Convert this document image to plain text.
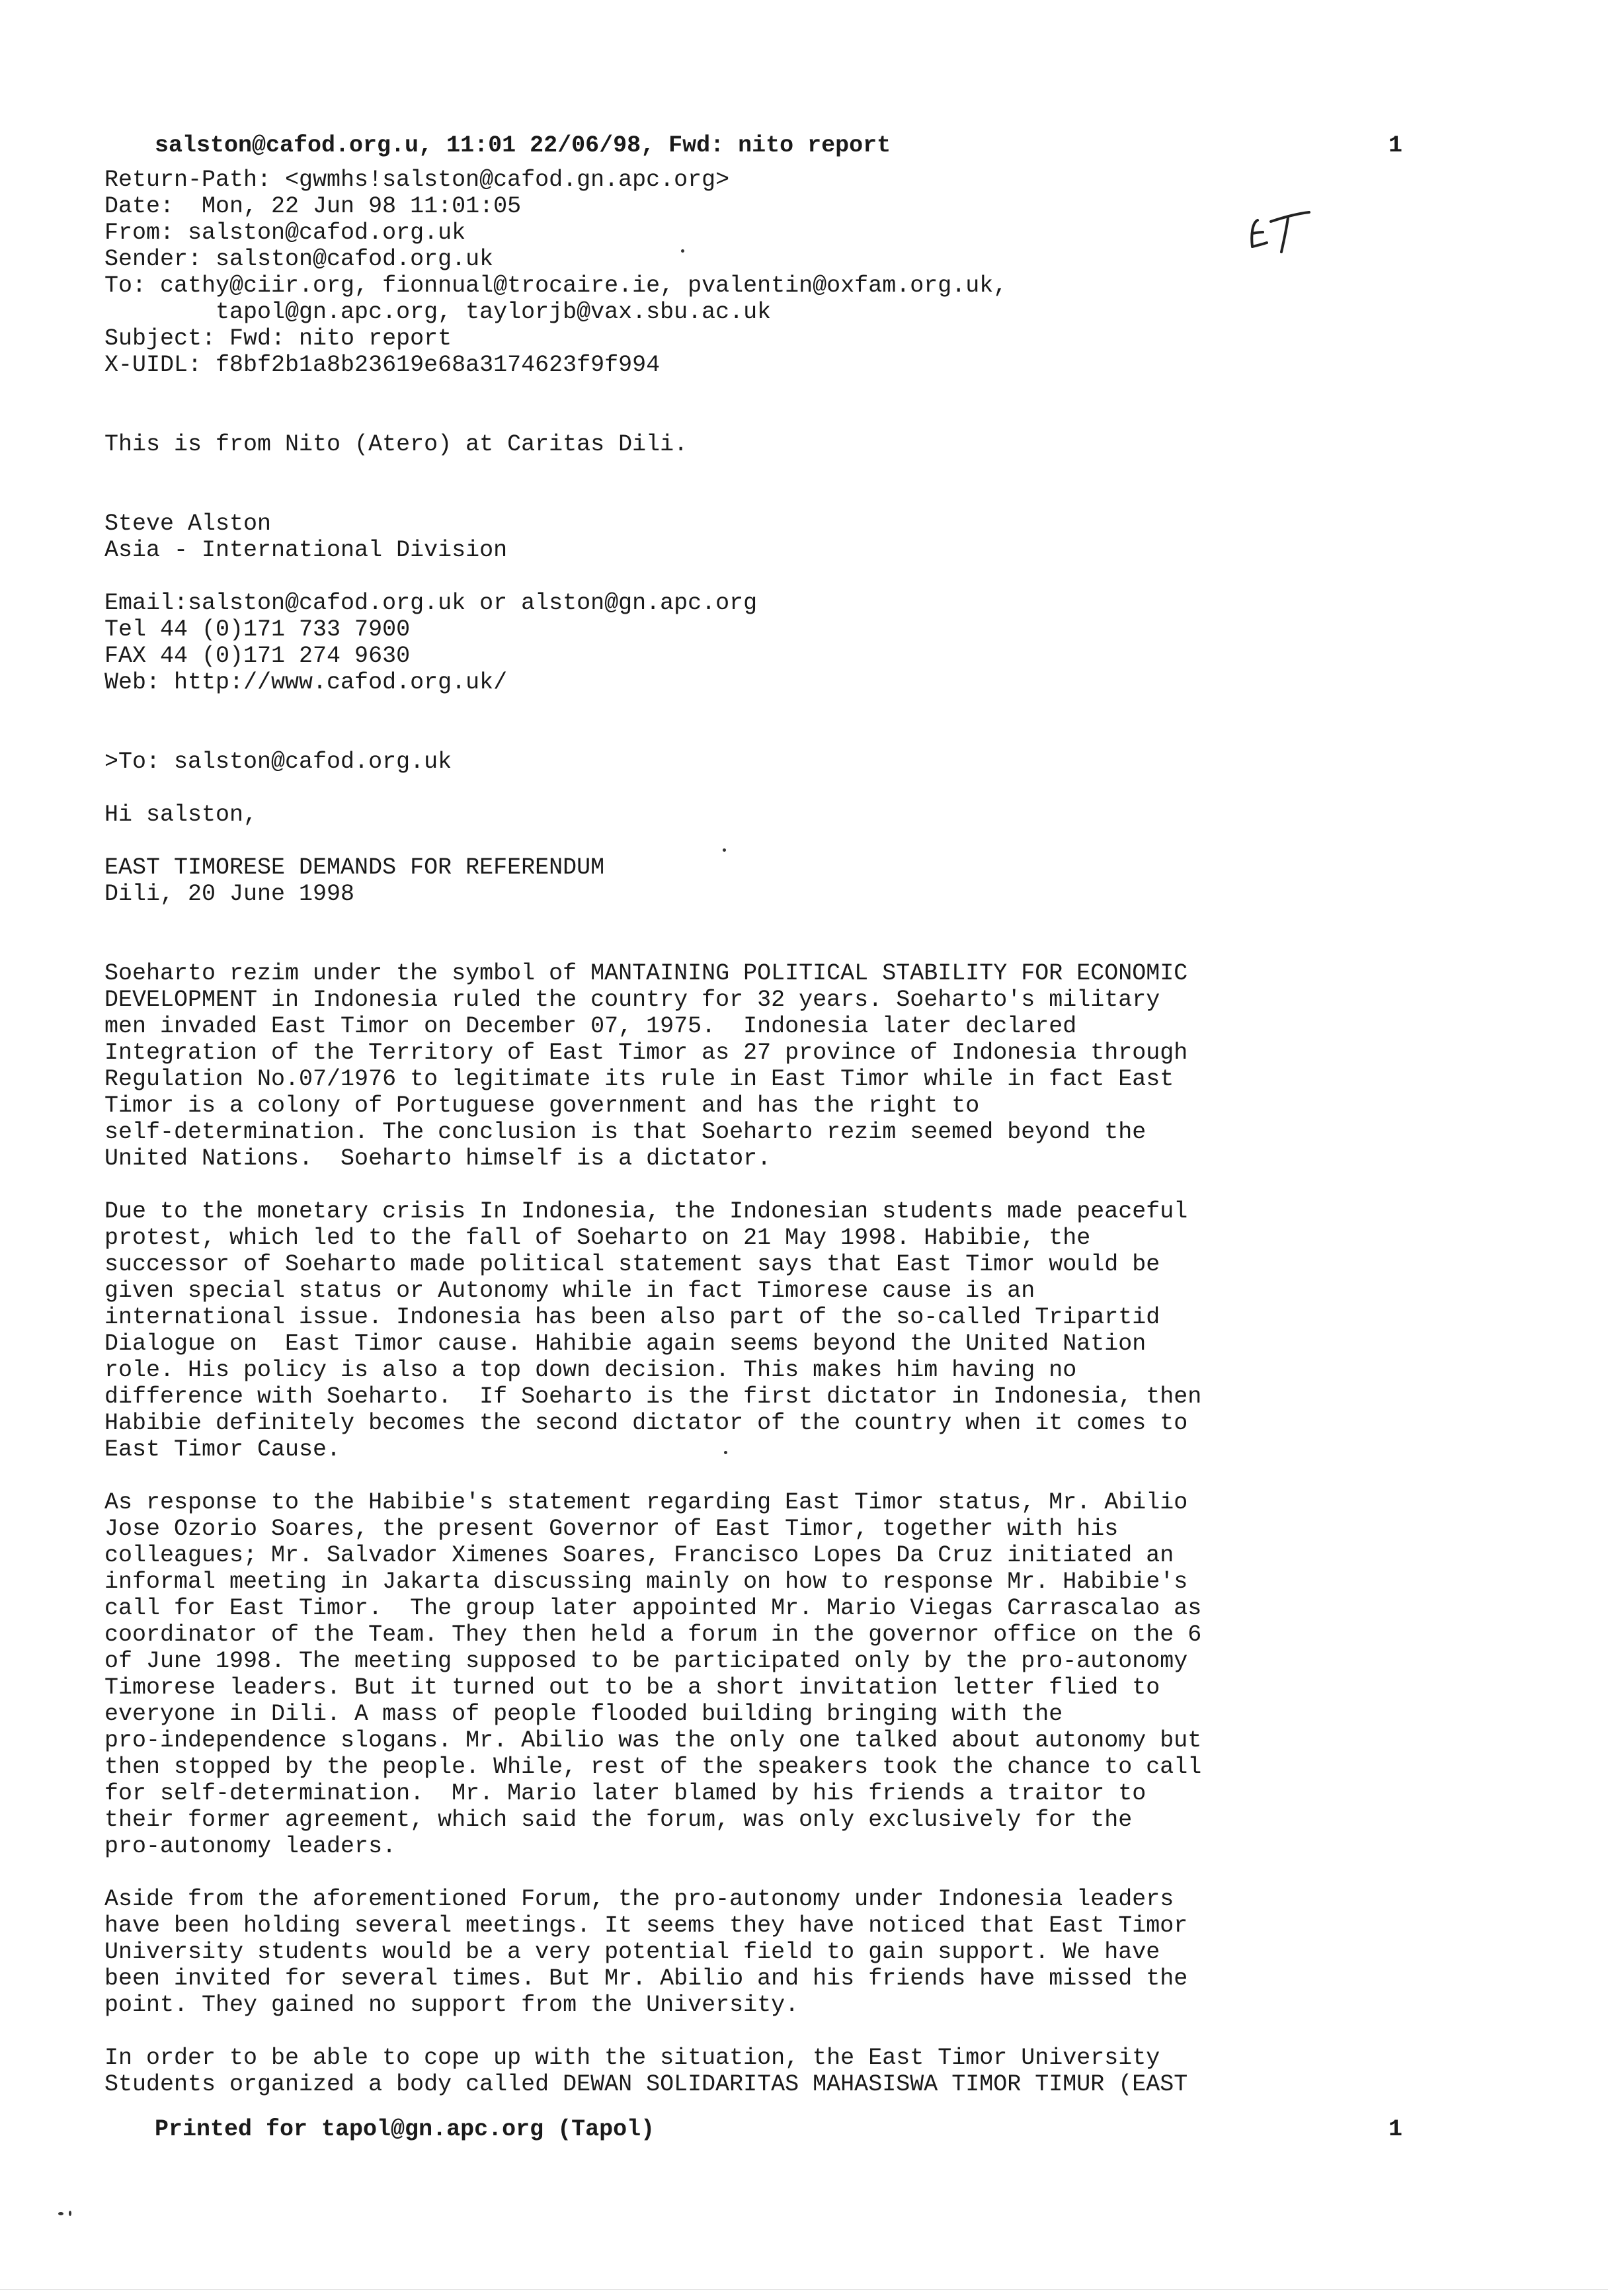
salston@cafod.org.u, 11:01 22/06/98, Fwd: nito report	1
Return-Path: <gwmhs!salston@cafod.gn.apc.org>
Date:  Mon, 22 Jun 98 11:01:05
From: salston@cafod.org.uk
Sender: salston@cafod.org.uk
To: cathy@ciir.org, fionnual@trocaire.ie, pvalentin@oxfam.org.uk,
tapol@gn.apc.org, taylorjb@vax.sbu.ac.uk
Subject: Fwd: nito report
X-UIDL: f8bf2b1a8b23619e68a3174623f9f994
This is from Nito (Atero) at Caritas Dili.
Steve Alston
Asia - International Division
Email:salston@cafod.org.uk or alston@gn.apc.org
Tel 44 (0)171 733 7900
FAX 44 (0)171 274 9630
Web: http://www.cafod.org.uk/
>To: salston@cafod.org.uk
Hi salston,
EAST TIMORESE DEMANDS FOR REFERENDUM
Dili, 20 June 1998
Soeharto rezim under the symbol of MANTAINING POLITICAL STABILITY FOR ECONOMIC
DEVELOPMENT in Indonesia ruled the country for 32 years. Soeharto's military
men invaded East Timor on December 07, 1975.  Indonesia later declared
Integration of the Territory of East Timor as 27 province of Indonesia through
Regulation No.07/1976 to legitimate its rule in East Timor while in fact East
Timor is a colony of Portuguese government and has the right to
self-determination. The conclusion is that Soeharto rezim seemed beyond the
United Nations.  Soeharto himself is a dictator.
Due to the monetary crisis In Indonesia, the Indonesian students made peaceful
protest, which led to the fall of Soeharto on 21 May 1998. Habibie, the
successor of Soeharto made political statement says that East Timor would be
given special status or Autonomy while in fact Timorese cause is an
international issue. Indonesia has been also part of the so-called Tripartid
Dialogue on  East Timor cause. Hahibie again seems beyond the United Nation
role. His policy is also a top down decision. This makes him having no
difference with Soeharto.  If Soeharto is the first dictator in Indonesia, then
Habibie definitely becomes the second dictator of the country when it comes to
East Timor Cause.
As response to the Habibie's statement regarding East Timor status, Mr. Abilio
Jose Ozorio Soares, the present Governor of East Timor, together with his
colleagues; Mr. Salvador Ximenes Soares, Francisco Lopes Da Cruz initiated an
informal meeting in Jakarta discussing mainly on how to response Mr. Habibie's
call for East Timor.  The group later appointed Mr. Mario Viegas Carrascalao as
coordinator of the Team. They then held a forum in the governor office on the 6
of June 1998. The meeting supposed to be participated only by the pro-autonomy
Timorese leaders. But it turned out to be a short invitation letter flied to
everyone in Dili. A mass of people flooded building bringing with the
pro-independence slogans. Mr. Abilio was the only one talked about autonomy but
then stopped by the people. While, rest of the speakers took the chance to call
for self-determination.  Mr. Mario later blamed by his friends a traitor to
their former agreement, which said the forum, was only exclusively for the
pro-autonomy leaders.
Aside from the aforementioned Forum, the pro-autonomy under Indonesia leaders
have been holding several meetings. It seems they have noticed that East Timor
University students would be a very potential field to gain support. We have
been invited for several times. But Mr. Abilio and his friends have missed the
point. They gained no support from the University.
In order to be able to cope up with the situation, the East Timor University
Students organized a body called DEWAN SOLIDARITAS MAHASISWA TIMOR TIMUR (EAST
Printed for tapol@gn.apc.org (Tapol)	1
